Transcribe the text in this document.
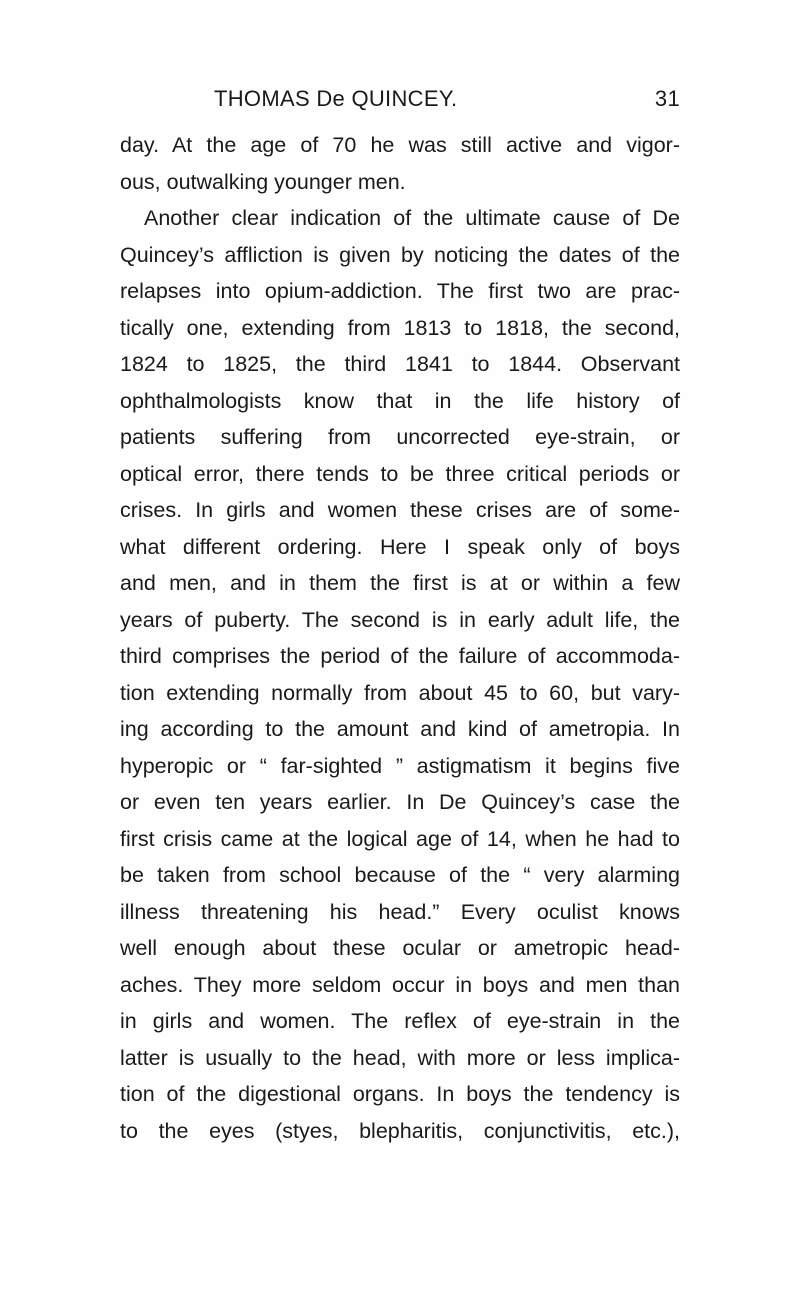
THOMAS De QUINCEY.	31
day. At the age of 70 he was still active and vigor-
ous, outwalking younger men.
Another clear indication of the ultimate cause of De
Quincey’s affliction is given by noticing the dates of the
relapses into opium-addiction. The first two are prac-
tically one, extending from 1813 to 1818, the second,
1824 to 1825, the third 1841 to 1844. Observant
ophthalmologists know that in the life history of
patients suffering from uncorrected eye-strain, or
optical error, there tends to be three critical periods or
crises. In girls and women these crises are of some-
what different ordering. Here I speak only of boys
and men, and in them the first is at or within a few
years of puberty. The second is in early adult life, the
third comprises the period of the failure of accommoda-
tion extending normally from about 45 to 60, but vary-
ing according to the amount and kind of ametropia. In
hyperopic or “ far-sighted ” astigmatism it begins five
or even ten years earlier. In De Quincey’s case the
first crisis came at the logical age of 14, when he had to
be taken from school because of the “ very alarming
illness threatening his head.” Every oculist knows
well enough about these ocular or ametropic head-
aches. They more seldom occur in boys and men than
in girls and women. The reflex of eye-strain in the
latter is usually to the head, with more or less implica-
tion of the digestional organs. In boys the tendency is
to the eyes (styes, blepharitis, conjunctivitis, etc.),
